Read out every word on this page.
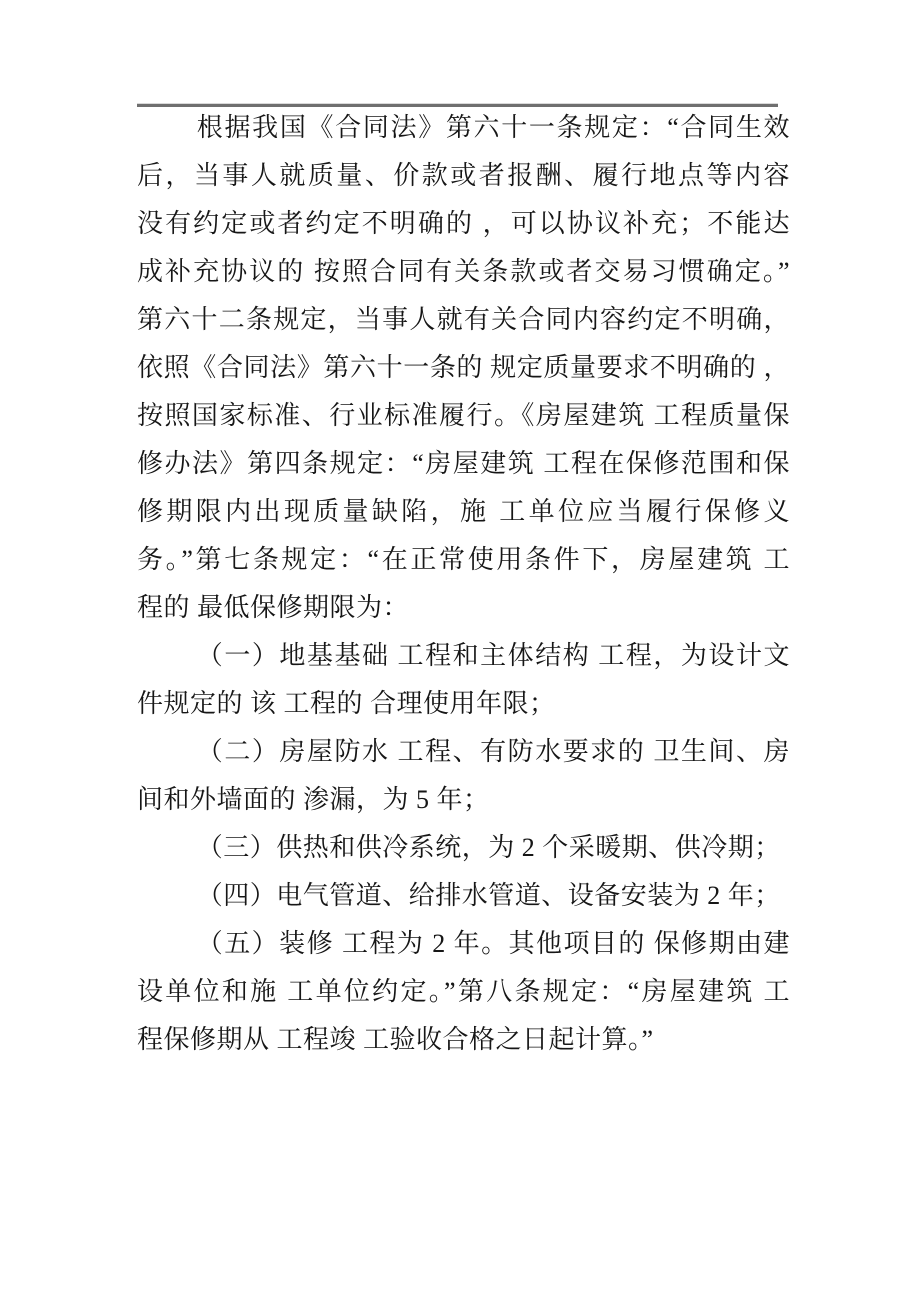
根据我国《合同法》第六十一条规定：“合同生效
后，当事人就质量、价款或者报酬、履行地点等内容
没有约定或者约定不明确的 ，可以协议补充；不能达
成补充协议的 按照合同有关条款或者交易习惯确定。”
第六十二条规定，当事人就有关合同内容约定不明确，
依照《合同法》第六十一条的 规定质量要求不明确的 ，
按照国家标准、行业标准履行。《房屋建筑 工程质量保
修办法》第四条规定：“房屋建筑 工程在保修范围和保
修期限内出现质量缺陷，施 工单位应当履行保修义
务。”第七条规定：“在正常使用条件下，房屋建筑 工
程的 最低保修期限为：
（一）地基基础 工程和主体结构 工程，为设计文
件规定的 该 工程的 合理使用年限；
（二）房屋防水 工程、有防水要求的 卫生间、房
间和外墙面的 渗漏，为 5 年；
（三）供热和供冷系统，为 2 个采暖期、供冷期；
（四）电气管道、给排水管道、设备安装为 2 年；
（五）装修 工程为 2 年。其他项目的 保修期由建
设单位和施 工单位约定。”第八条规定：“房屋建筑 工
程保修期从 工程竣 工验收合格之日起计算。”
